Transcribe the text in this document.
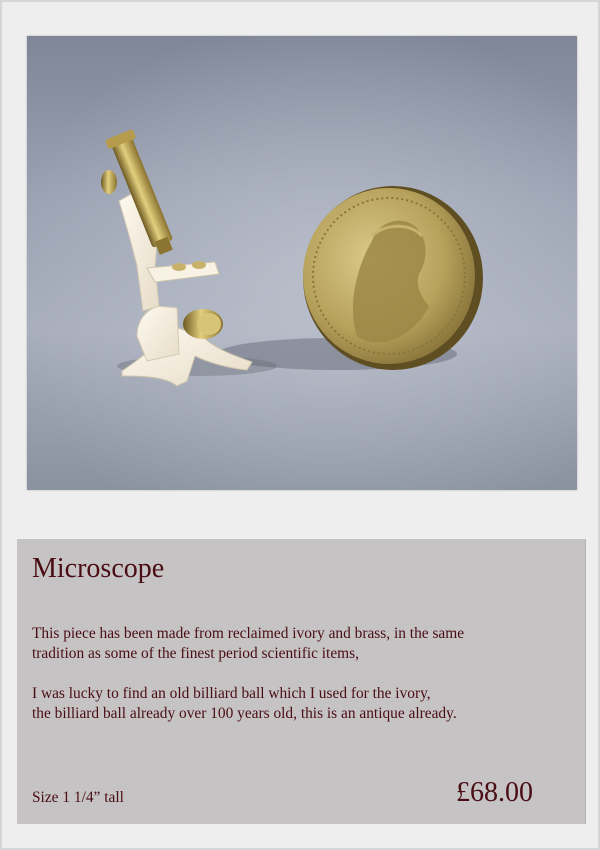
Microscope

This piece has been made from reclaimed ivory and brass, in the same
tradition as some of the finest period scientific items,

I was lucky to find an old billiard ball which I used for the ivory,
the billiard ball already over 100 years old, this is an antique already.

Size 1 1/4” tall	£68.00
